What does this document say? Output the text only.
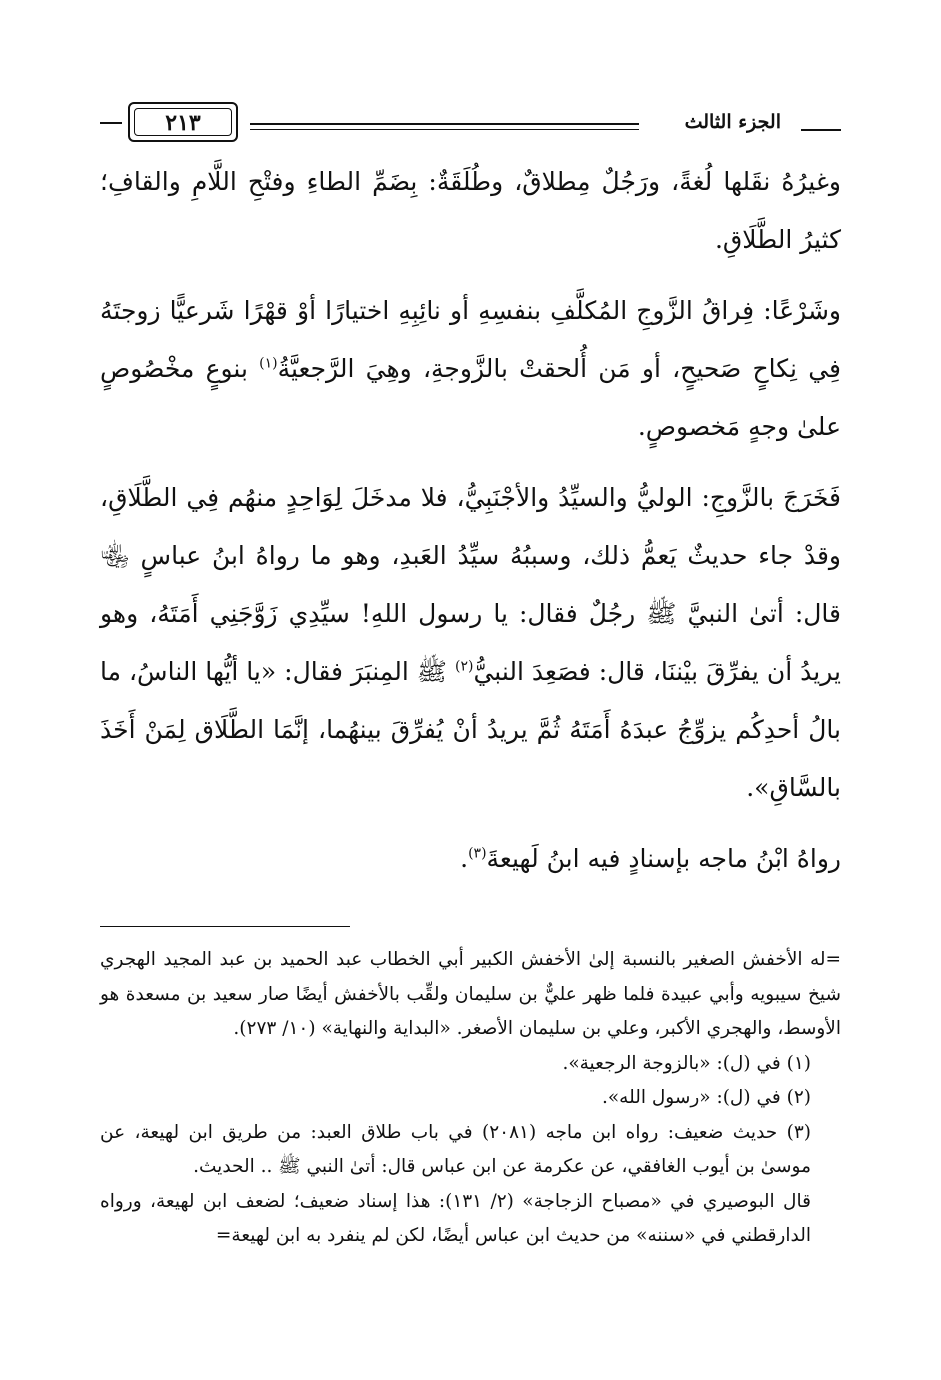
الجزء الثالث
٢١٣

وغيرُهُ نقَلها لُغةً، ورَجُلٌ مِطلاقٌ، وطُلَقَةٌ: بِضَمِّ الطاءِ وفتْحِ اللَّامِ والقافِ؛ كثيرُ الطَّلَاقِ.

وشَرْعًا: فِراقُ الزَّوجِ المُكلَّفِ بنفسِهِ أو نائِبِهِ اختيارًا أوْ قهْرًا شَرعيًّا زوجتَهُ فِي نِكاحٍ صَحيحٍ، أو مَن أُلحقتْ بالزَّوجةِ، وهِيَ الرَّجعيَّةُ$^{(١)}$ بنوعٍ مخْصُوصٍ علىٰ وجهٍ مَخصوصٍ.

فَخَرَجَ بالزَّوجِ: الوليُّ والسيِّدُ والأجْنَبِيُّ، فلا مدخَلَ لِوَاحِدٍ منهُم فِي الطَّلَاقِ، وقدْ جاء حديثٌ يَعمُّ ذلك، وسببُهُ سيِّدُ العَبدِ، وهو ما رواهُ ابنُ عباسٍ ﵄ قال: أتىٰ النبيَّ ﷺ رجُلٌ فقال: يا رسول اللهِ! سيِّدِي زَوَّجَنِي أَمَتَهُ، وهو يريدُ أن يفرِّقَ بيْننَا، قال: فصَعِدَ النبيُّ$^{(٢)}$ ﷺ المِنبَرَ فقال: «يا أيُّها الناسُ، ما بالُ أحدِكُم يزوِّجُ عبدَهُ أَمَتَهُ ثُمَّ يريدُ أنْ يُفرِّقَ بينهُما، إنَّمَا الطَّلَاق لِمَنْ أَخَذَ بالسَّاقِ».

رواهُ ابْنُ ماجه بإسنادٍ فيه ابنُ لَهيعةَ$^{(٣)}$.

=له الأخفش الصغير بالنسبة إلىٰ الأخفش الكبير أبي الخطاب عبد الحميد بن عبد المجيد الهجري شيخ سيبويه وأبي عبيدة فلما ظهر عليٌّ بن سليمان ولقِّب بالأخفش أيضًا صار سعيد بن مسعدة هو الأوسط، والهجري الأكبر، وعلي بن سليمان الأصغر. «البداية والنهاية» (١٠/ ٢٧٣).

(١) في (ل): «بالزوجة الرجعية».

(٢) في (ل): «رسول الله».

(٣) حديث ضعيف: رواه ابن ماجه (٢٠٨١) في باب طلاق العبد: من طريق ابن لهيعة، عن موسىٰ بن أيوب الغافقي، عن عكرمة عن ابن عباس قال: أتىٰ النبي ﷺ .. الحديث.

قال البوصيري في «مصباح الزجاجة» (٢/ ١٣١): هذا إسناد ضعيف؛ لضعف ابن لهيعة، ورواه الدارقطني في «سننه» من حديث ابن عباس أيضًا، لكن لم ينفرد به ابن لهيعة=
